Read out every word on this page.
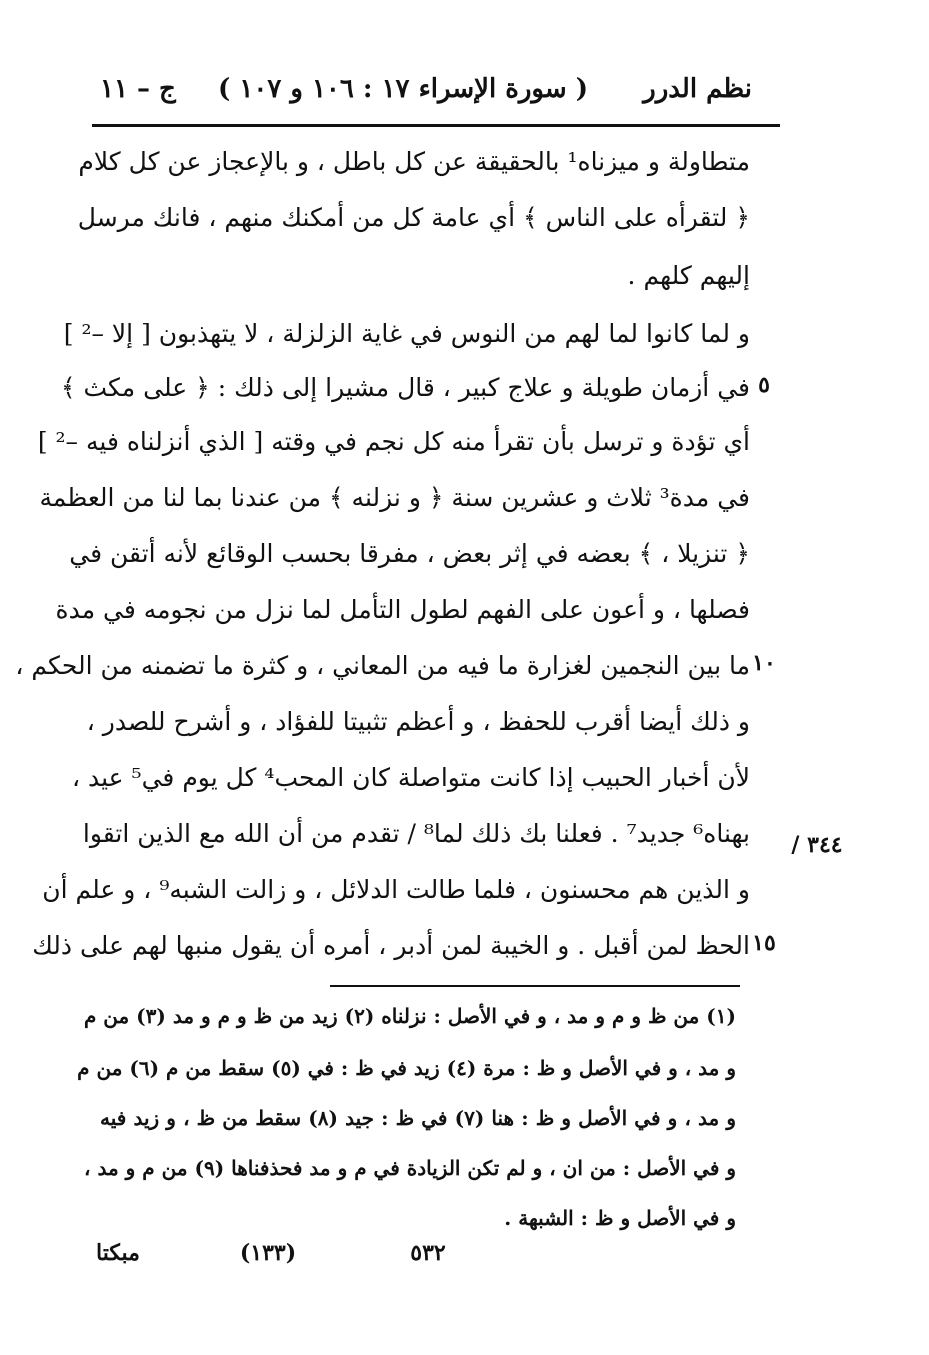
نظم الدرر
( سورة الإسراء ١٧ : ١٠٦ و ١٠٧ )
ج – ١١
متطاولة و ميزناه¹ بالحقيقة عن كل باطل ، و بالإعجاز عن كل كلام
﴿ لتقرأه على الناس ﴾ أي عامة كل من أمكنك منهم ، فانك مرسل
إليهم كلهم .
و لما كانوا لما لهم من النوس في غاية الزلزلة ، لا يتهذبون [ إلا –² ]
في أزمان طويلة و علاج كبير ، قال مشيرا إلى ذلك : ﴿ على مكث ﴾
أي تؤدة و ترسل بأن تقرأ منه كل نجم في وقته [ الذي أنزلناه فيه –² ]
في مدة³ ثلاث و عشرين سنة ﴿ و نزلنه ﴾ من عندنا بما لنا من العظمة
﴿ تنزيلا ، ﴾ بعضه في إثر بعض ، مفرقا بحسب الوقائع لأنه أتقن في
فصلها ، و أعون على الفهم لطول التأمل لما نزل من نجومه في مدة
ما بين النجمين لغزارة ما فيه من المعاني ، و كثرة ما تضمنه من الحكم ،
و ذلك أيضا أقرب للحفظ ، و أعظم تثبيتا للفؤاد ، و أشرح للصدر ،
لأن أخبار الحبيب إذا كانت متواصلة كان المحب⁴ كل يوم في⁵ عيد ،
بهناه⁶ جديد⁷ . فعلنا بك ذلك لما⁸ / تقدم من أن الله مع الذين اتقوا
و الذين هم محسنون ، فلما طالت الدلائل ، و زالت الشبه⁹ ، و علم أن
الحظ لمن أقبل . و الخيبة لمن أدبر ، أمره أن يقول منبها لهم على ذلك
٥
١٠
١٥
٣٤٤ /
(١) من ظ و م و مد ، و في الأصل : نزلناه (٢) زيد من ظ و م و مد (٣) من م
و مد ، و في الأصل و ظ : مرة (٤) زيد في ظ : في (٥) سقط من م (٦) من م
و مد ، و في الأصل و ظ : هنا (٧) في ظ : جيد (٨) سقط من ظ ، و زيد فيه
و في الأصل : من ان ، و لم تكن الزيادة في م و مد فحذفناها (٩) من م و مد ،
و في الأصل و ظ : الشبهة .
٥٣٢
(١٣٣)
مبكتا
